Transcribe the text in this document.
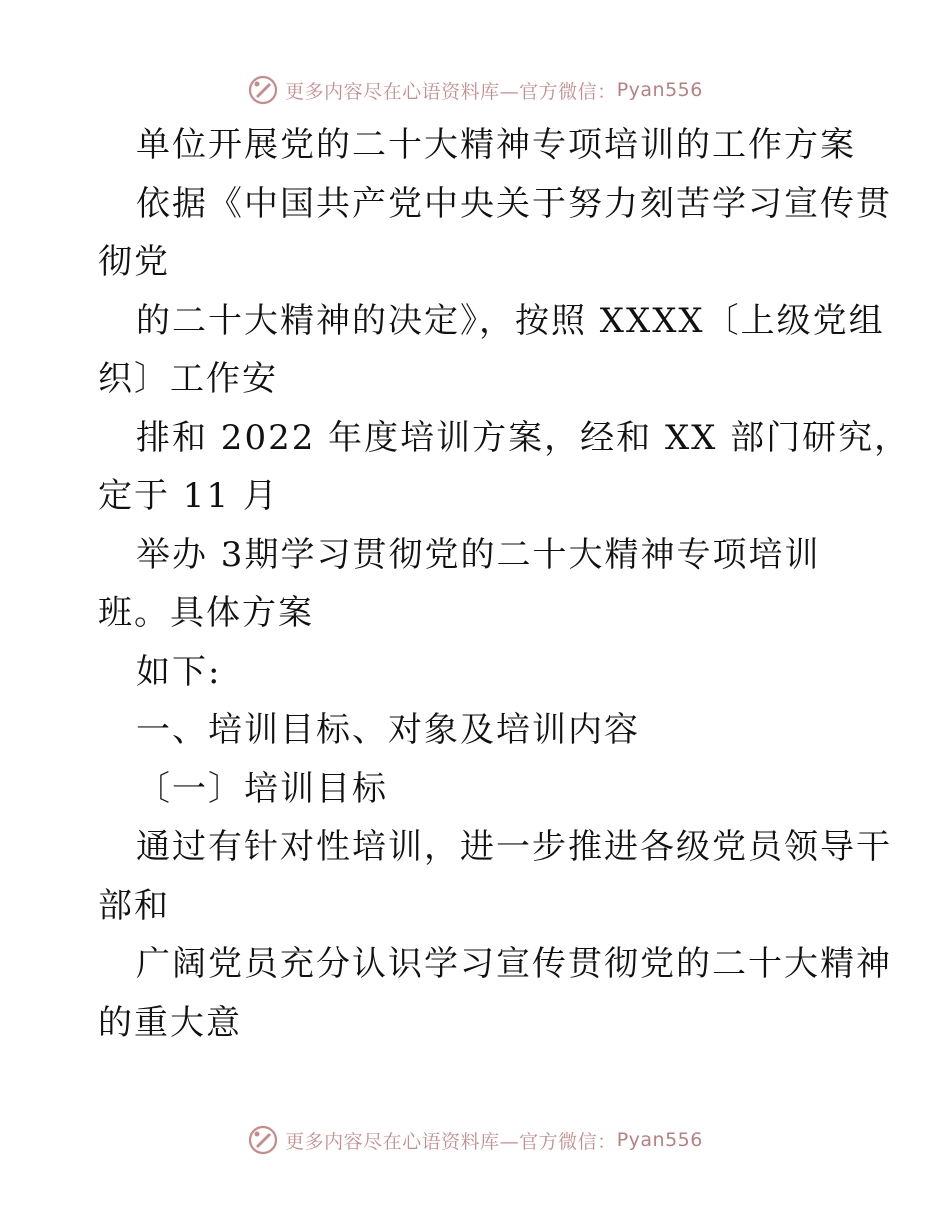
更多内容尽在心语资料库— 官方微信： Pyan556
单位开展党的二十大精神专项培训的工作方案
依据《中国共产党中央关于努力刻苦学习宣传贯
彻党
的二十大精神的决定》，按照 XXXX〔上级党组
织〕工作安
排和 2022 年度培训方案，经和 XX 部门研究，
定于 11 月
举办 3期学习贯彻党的二十大精神专项培训
班。具体方案
如下:
一、培训目标、对象及培训内容
〔一〕培训目标
通过有针对性培训，进一步推进各级党员领导干
部和
广阔党员充分认识学习宣传贯彻党的二十大精神
的重大意
更多内容尽在心语资料库— 官方微信： Pyan556
